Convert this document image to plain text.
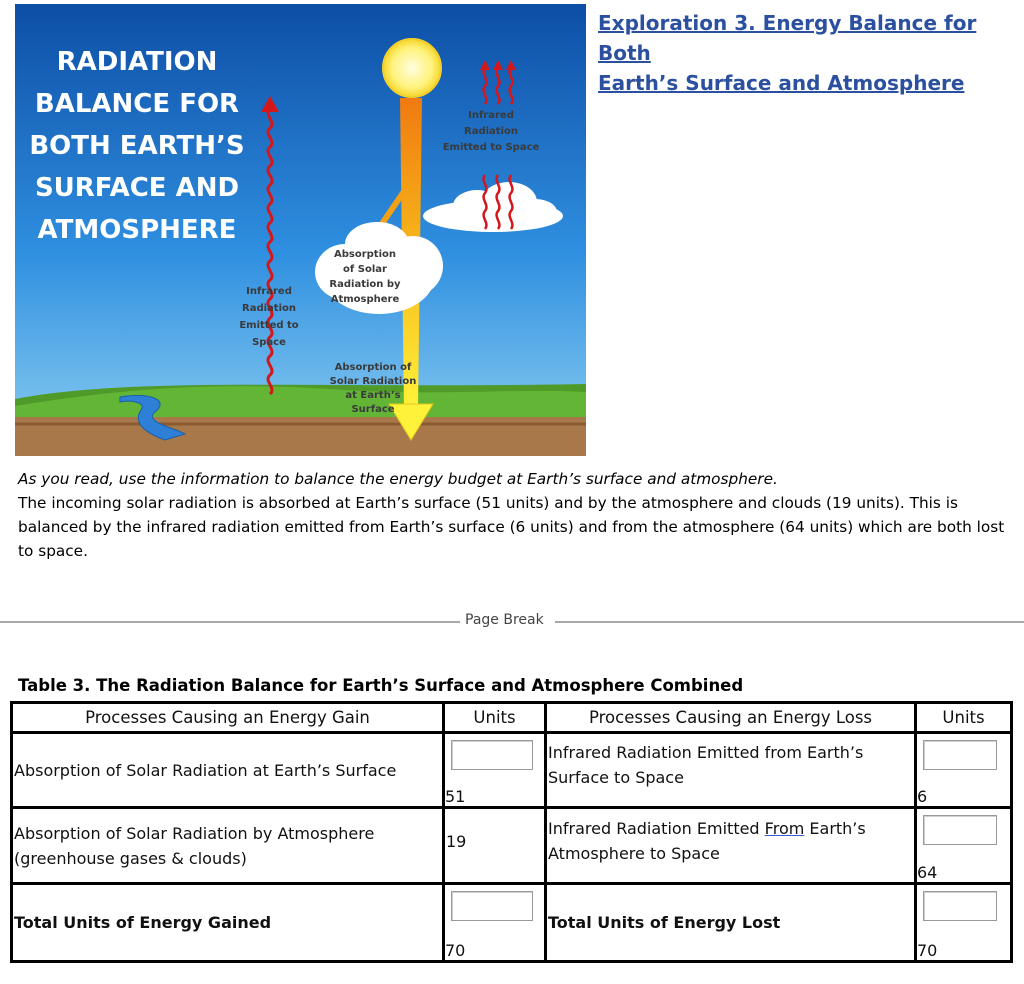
RADIATION
BALANCE FOR
BOTH EARTH’S
SURFACE AND
ATMOSPHERE
Infrared
Radiation
Emitted to
Space
Infrared
Radiation
Emitted to Space
Absorption
of Solar
Radiation by
Atmosphere
Absorption of
Solar Radiation
at Earth’s
Surface
Exploration 3. Energy Balance for Both
Earth’s Surface and Atmosphere
As you read, use the information to balance the energy budget at Earth’s surface and atmosphere.
The incoming solar radiation is absorbed at Earth’s surface (51 units) and by the atmosphere and clouds (19 units). This is balanced by the infrared radiation emitted from Earth’s surface (6 units) and from the atmosphere (64 units) which are both lost to space.
Page Break
Table 3. The Radiation Balance for Earth’s Surface and Atmosphere Combined
Processes Causing an Energy Gain	Units	Processes Causing an Energy Loss	Units

Absorption of Solar Radiation at Earth’s Surface	51	Infrared Radiation Emitted from Earth’s
Surface to Space	6

Absorption of Solar Radiation by Atmosphere
(greenhouse gases & clouds)	19	Infrared Radiation Emitted From Earth’s
Atmosphere to Space	64

Total Units of Energy Gained	70	Total Units of Energy Lost	70
